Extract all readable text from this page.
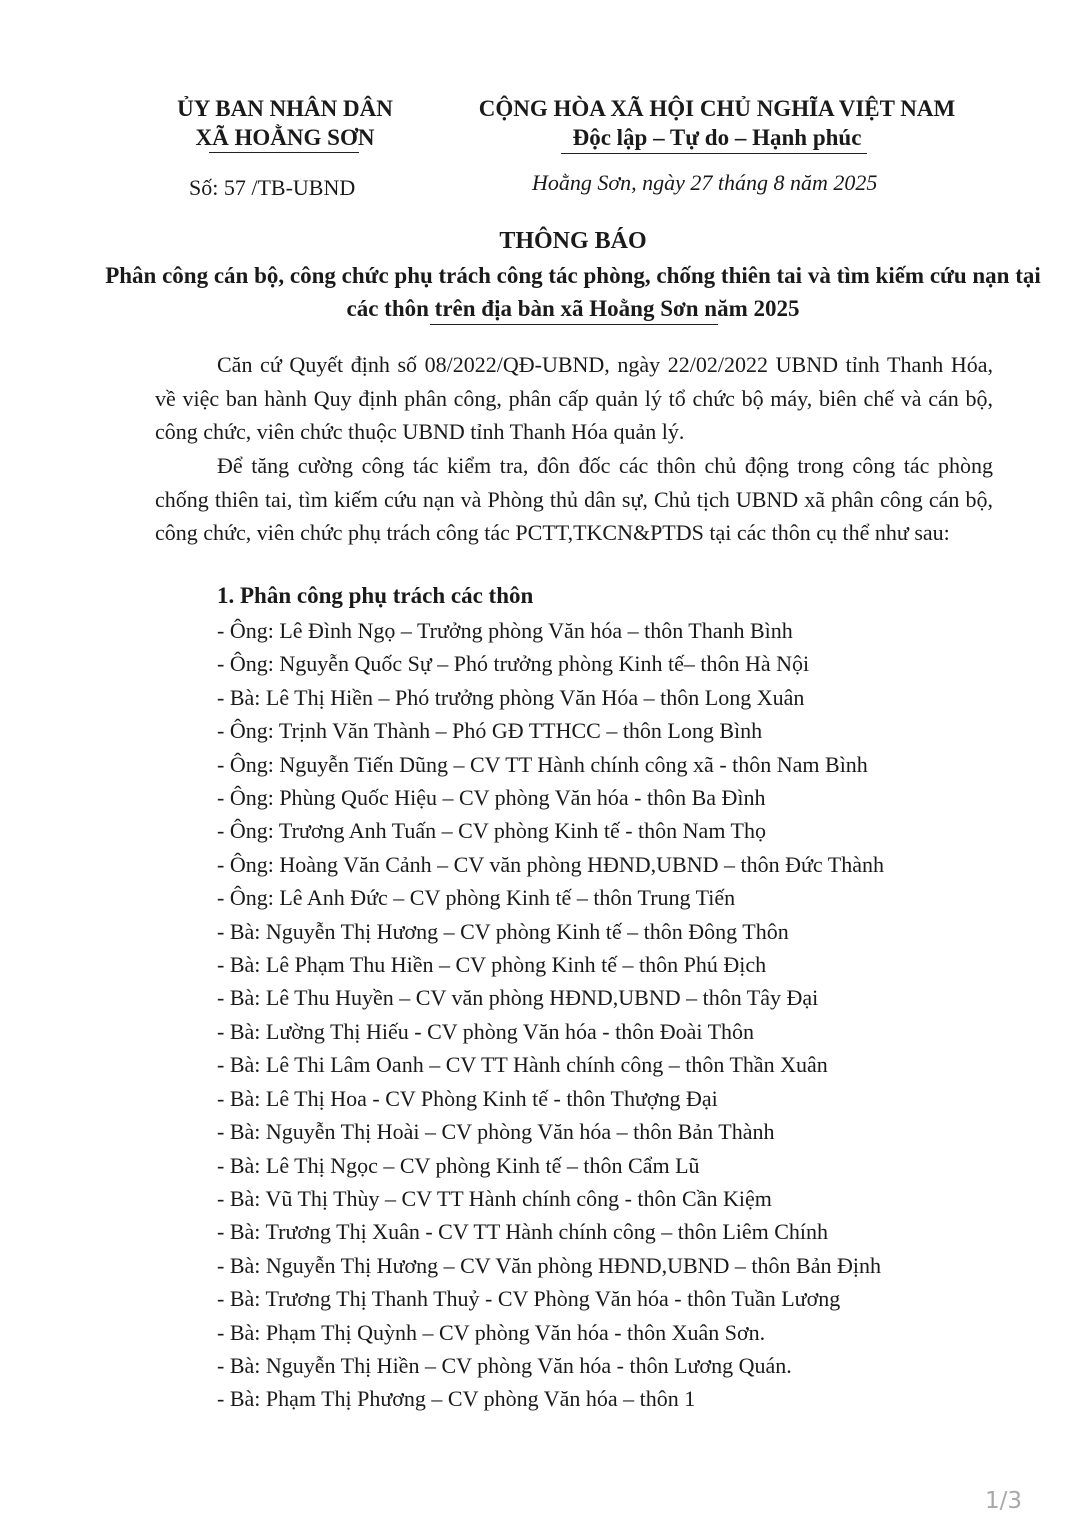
ỦY BAN NHÂN DÂN
XÃ HOẰNG SƠN
CỘNG HÒA XÃ HỘI CHỦ NGHĨA VIỆT NAM
Độc lập – Tự do – Hạnh phúc
Số: 57 /TB-UBND	Hoằng Sơn, ngày 27 tháng 8 năm 2025
THÔNG BÁO
Phân công cán bộ, công chức phụ trách công tác phòng, chống thiên tai và tìm kiếm cứu nạn tại các thôn trên địa bàn xã Hoằng Sơn năm 2025
Căn cứ Quyết định số 08/2022/QĐ-UBND, ngày 22/02/2022 UBND tỉnh Thanh Hóa, về việc ban hành Quy định phân công, phân cấp quản lý tổ chức bộ máy, biên chế và cán bộ, công chức, viên chức thuộc UBND tỉnh Thanh Hóa quản lý.
Để tăng cường công tác kiểm tra, đôn đốc các thôn chủ động trong công tác phòng chống thiên tai, tìm kiếm cứu nạn và Phòng thủ dân sự, Chủ tịch UBND xã phân công cán bộ, công chức, viên chức phụ trách công tác PCTT,TKCN&PTDS tại các thôn cụ thể như sau:
1. Phân công phụ trách các thôn
- Ông: Lê Đình Ngọ – Trưởng phòng Văn hóa – thôn Thanh Bình
- Ông: Nguyễn Quốc Sự – Phó trưởng phòng Kinh tế– thôn Hà Nội
- Bà: Lê Thị Hiền – Phó trưởng phòng Văn Hóa – thôn Long Xuân
- Ông: Trịnh Văn Thành – Phó GĐ TTHCC – thôn Long Bình
- Ông: Nguyễn Tiến Dũng – CV TT Hành chính công xã - thôn Nam Bình
- Ông: Phùng Quốc Hiệu – CV phòng Văn hóa - thôn Ba Đình
- Ông: Trương Anh Tuấn – CV phòng Kinh tế - thôn Nam Thọ
- Ông: Hoàng Văn Cảnh – CV văn phòng HĐND,UBND – thôn Đức Thành
- Ông: Lê Anh Đức – CV phòng Kinh tế – thôn Trung Tiến
- Bà: Nguyễn Thị Hương – CV phòng Kinh tế – thôn Đông Thôn
- Bà: Lê Phạm Thu Hiền – CV phòng Kinh tế – thôn Phú Địch
- Bà: Lê Thu Huyền – CV văn phòng HĐND,UBND – thôn Tây Đại
- Bà: Lường Thị Hiếu - CV phòng Văn hóa - thôn Đoài Thôn
- Bà: Lê Thi Lâm Oanh – CV TT Hành chính công – thôn Thần Xuân
- Bà: Lê Thị Hoa - CV Phòng Kinh tế - thôn Thượng Đại
- Bà: Nguyễn Thị Hoài – CV phòng Văn hóa – thôn Bản Thành
- Bà: Lê Thị Ngọc – CV phòng Kinh tế – thôn Cẩm Lũ
- Bà: Vũ Thị Thùy – CV TT Hành chính công - thôn Cần Kiệm
- Bà: Trương Thị Xuân - CV TT Hành chính công – thôn Liêm Chính
- Bà: Nguyễn Thị Hương – CV Văn phòng HĐND,UBND – thôn Bản Định
- Bà: Trương Thị Thanh Thuỷ - CV Phòng Văn hóa - thôn Tuần Lương
- Bà: Phạm Thị Quỳnh – CV phòng Văn hóa - thôn Xuân Sơn.
- Bà: Nguyễn Thị Hiền – CV phòng Văn hóa - thôn Lương Quán.
- Bà: Phạm Thị Phương – CV phòng Văn hóa – thôn 1
1/3
